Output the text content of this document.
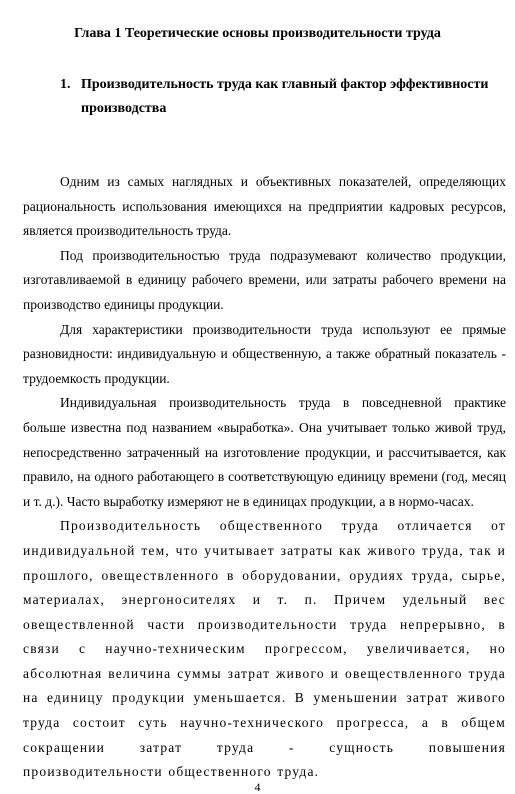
Глава 1 Теоретические основы производительности труда
1. Производительность труда как главный фактор эффективности производства

Одним из самых наглядных и объективных показателей, определяющих рациональность использования имеющихся на предприятии кадровых ресурсов, является производительность труда.

Под производительностью труда подразумевают количество продукции, изготавливаемой в единицу рабочего времени, или затраты рабочего времени на производство единицы продукции.

Для характеристики производительности труда используют ее прямые разновидности: индивидуальную и общественную, а также обратный показатель - трудоемкость продукции.

Индивидуальная производительность труда в повседневной практике больше известна под названием «выработка». Она учитывает только живой труд, непосредственно затраченный на изготовление продукции, и рассчитывается, как правило, на одного работающего в соответствующую единицу времени (год, месяц и т. д.). Часто выработку измеряют не в единицах продукции, а в нормо-часах.

Производительность общественного труда отличается от индивидуальной тем, что учитывает затраты как живого труда, так и прошлого, овеществленного в оборудовании, орудиях труда, сырье, материалах, энергоносителях и т. п. Причем удельный вес овеществленной части производительности труда непрерывно, в связи с научно-техническим прогрессом, увеличивается, но абсолютная величина суммы затрат живого и овеществленного труда на единицу продукции уменьшается. В уменьшении затрат живого труда состоит суть научно-технического прогресса, а в общем сокращении затрат труда - сущность повышения производительности общественного труда.

4
